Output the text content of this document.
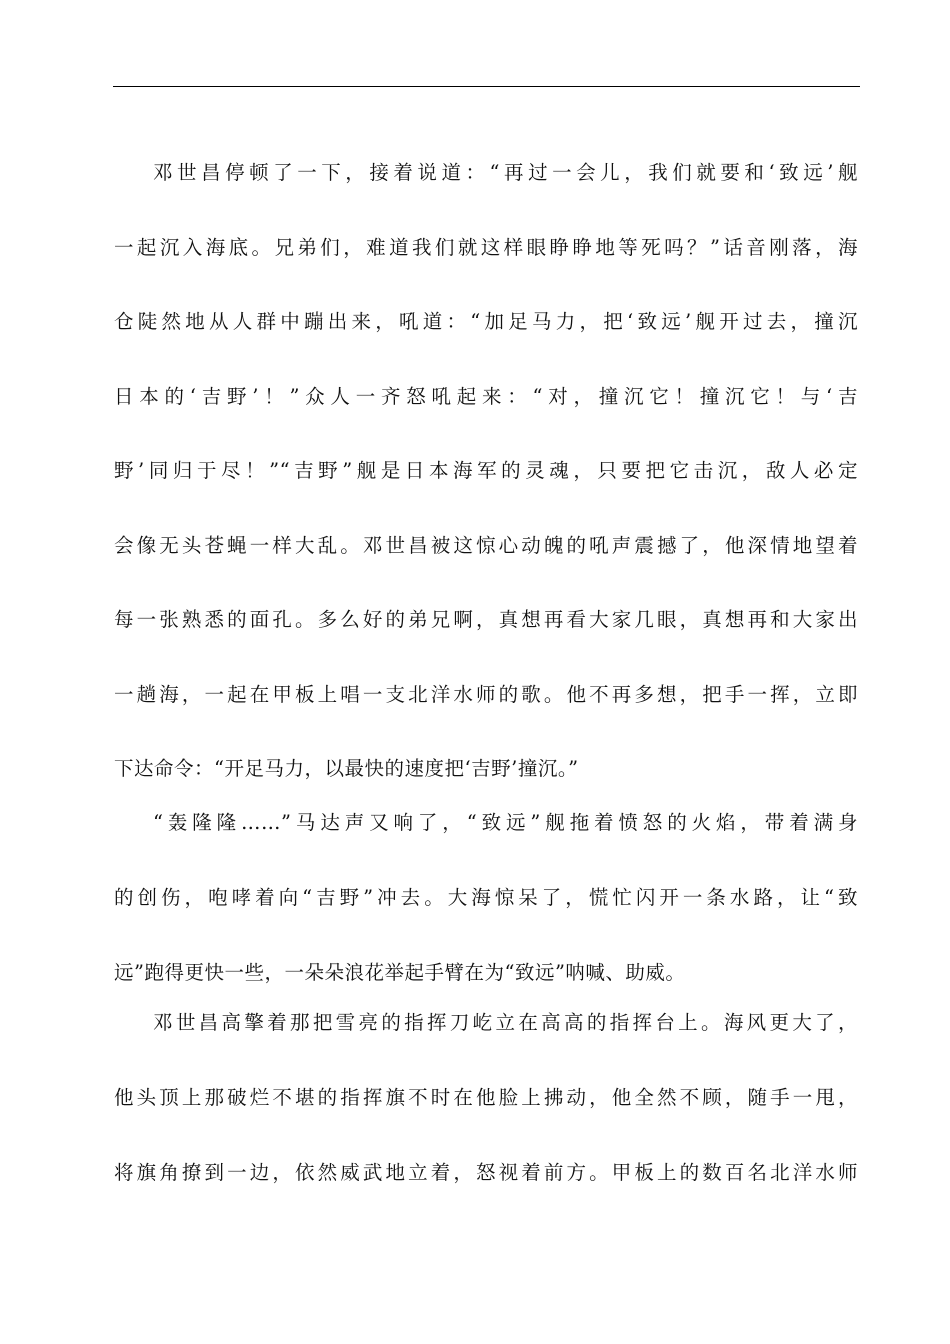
邓世昌停顿了一下，接着说道：“再过一会儿，我们就要和‘致远’舰
一起沉入海底。兄弟们，难道我们就这样眼睁睁地等死吗？”话音刚落，海
仓陡然地从人群中蹦出来，吼道：“加足马力，把‘致远’舰开过去，撞沉
日本的‘吉野’！”众人一齐怒吼起来：“对，撞沉它！撞沉它！与‘吉
野’同归于尽！”“吉野”舰是日本海军的灵魂，只要把它击沉，敌人必定
会像无头苍蝇一样大乱。邓世昌被这惊心动魄的吼声震撼了，他深情地望着
每一张熟悉的面孔。多么好的弟兄啊，真想再看大家几眼，真想再和大家出
一趟海，一起在甲板上唱一支北洋水师的歌。他不再多想，把手一挥，立即
下达命令：“开足马力，以最快的速度把‘吉野’撞沉。”

“轰隆隆……”马达声又响了，“致远”舰拖着愤怒的火焰，带着满身
的创伤，咆哮着向“吉野”冲去。大海惊呆了，慌忙闪开一条水路，让“致
远”跑得更快一些，一朵朵浪花举起手臂在为“致远”呐喊、助威。

邓世昌高擎着那把雪亮的指挥刀屹立在高高的指挥台上。海风更大了，
他头顶上那破烂不堪的指挥旗不时在他脸上拂动，他全然不顾，随手一甩，
将旗角撩到一边，依然威武地立着，怒视着前方。甲板上的数百名北洋水师
